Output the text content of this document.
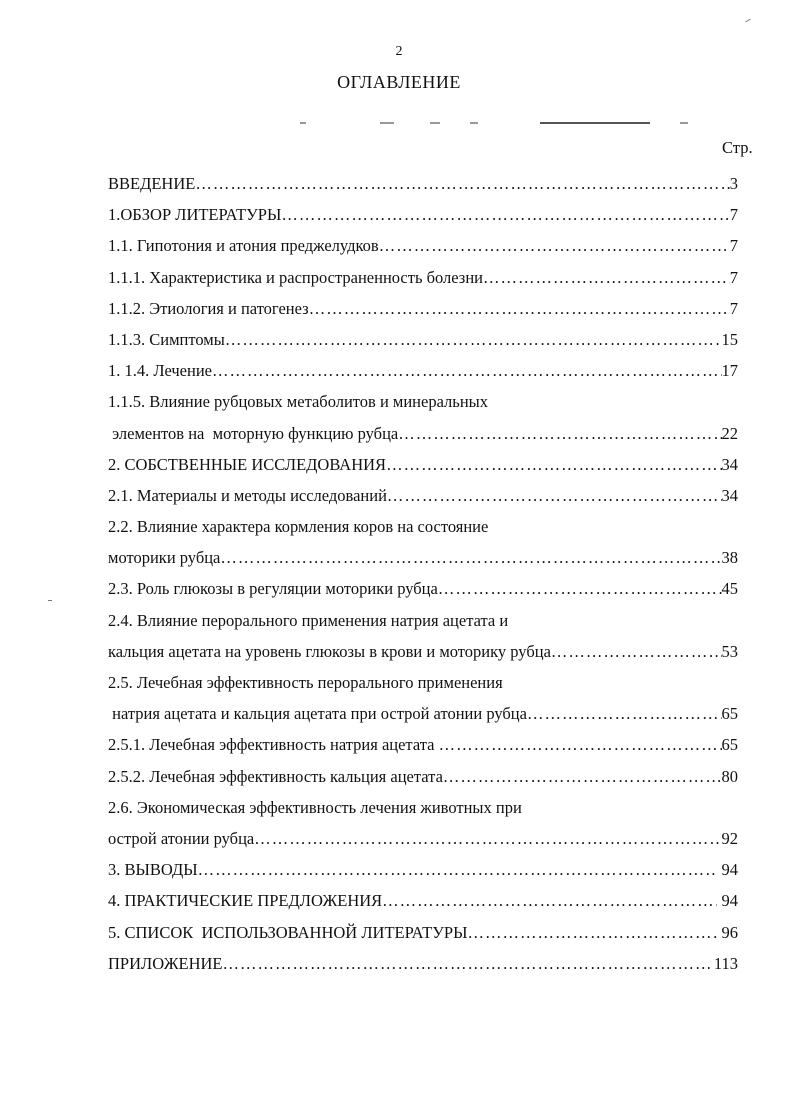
2
ОГЛАВЛЕНИЕ
Стр.
ВВЕДЕНИЕ ………………………………………………………………………………………………………………………………………………………………	3
1.ОБЗОР ЛИТЕРАТУРЫ ………………………………………………………………………………………………………………………………………………………………	7
1.1. Гипотония и атония преджелудков ………………………………………………………………………………………………………………………………………………………………	7
1.1.1. Характеристика и распространенность болезни ………………………………………………………………………………………………………………………………………………………………	7
1.1.2. Этиология и патогенез ………………………………………………………………………………………………………………………………………………………………	7
1.1.3. Симптомы ………………………………………………………………………………………………………………………………………………………………	15
1. 1.4. Лечение ………………………………………………………………………………………………………………………………………………………………	17
1.1.5. Влияние рубцовых метаболитов и минеральных
элементов на  моторную функцию рубца ………………………………………………………………………………………………………………………………………………………………	22
2. СОБСТВЕННЫЕ ИССЛЕДОВАНИЯ ………………………………………………………………………………………………………………………………………………………………	34
2.1. Материалы и методы исследований ………………………………………………………………………………………………………………………………………………………………	34
2.2. Влияние характера кормления коров на состояние
моторики рубца ………………………………………………………………………………………………………………………………………………………………	38
2.3. Роль глюкозы в регуляции моторики рубца ………………………………………………………………………………………………………………………………………………………………	45
2.4. Влияние перорального применения натрия ацетата и
кальция ацетата на уровень глюкозы в крови и моторику рубца ………………………………………………………………………………………………………………………………………………………………	53
2.5. Лечебная эффективность перорального применения
натрия ацетата и кальция ацетата при острой атонии рубца ………………………………………………………………………………………………………………………………………………………………	65
2.5.1. Лечебная эффективность натрия ацетата ………………………………………………………………………………………………………………………………………………………………	65
2.5.2. Лечебная эффективность кальция ацетата ………………………………………………………………………………………………………………………………………………………………	80
2.6. Экономическая эффективность лечения животных при
острой атонии рубца ………………………………………………………………………………………………………………………………………………………………	92
3. ВЫВОДЫ ………………………………………………………………………………………………………………………………………………………………	94
4. ПРАКТИЧЕСКИЕ ПРЕДЛОЖЕНИЯ ………………………………………………………………………………………………………………………………………………………………	94
5. СПИСОК  ИСПОЛЬЗОВАННОЙ ЛИТЕРАТУРЫ ………………………………………………………………………………………………………………………………………………………………	96
ПРИЛОЖЕНИЕ ………………………………………………………………………………………………………………………………………………………………	113
